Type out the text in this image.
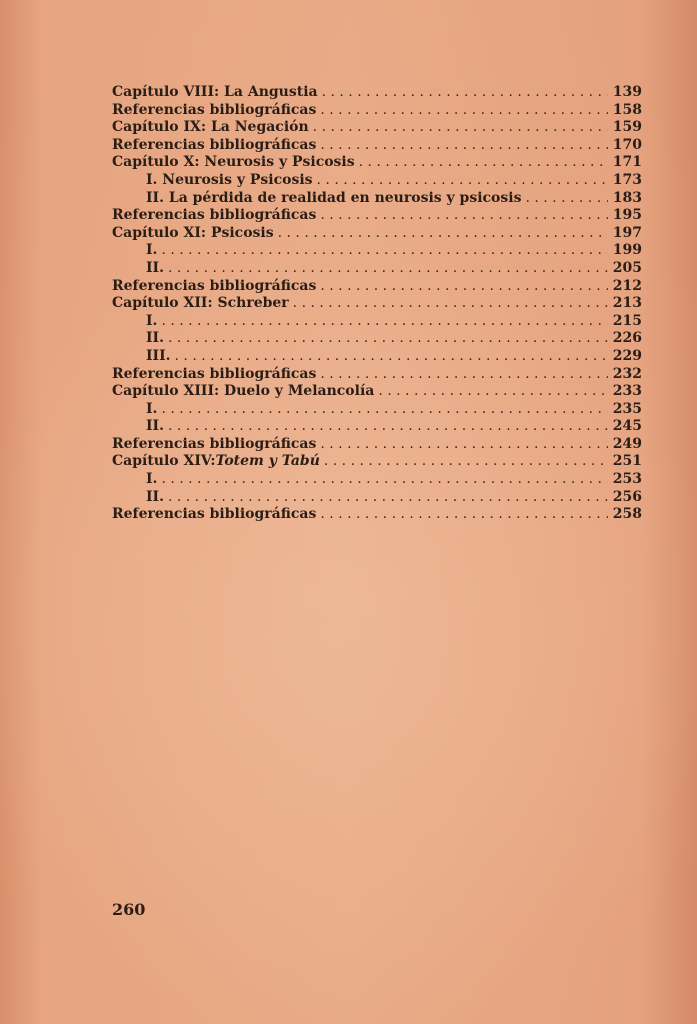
Capítulo VIII: La Angustia . . .	139
Referencias bibliográficas . . .	158
Capítulo IX: La Negación . . .	159
Referencias bibliográficas . . .	170
Capítulo X: Neurosis y Psicosis . . .	171
I. Neurosis y Psicosis . . .	173
II. La pérdida de realidad en neurosis y psicosis . . .	183
Referencias bibliográficas . . .	195
Capítulo XI: Psicosis . . .	197
I. . . .	199
II. . . .	205
Referencias bibliográficas . . .	212
Capítulo XII: Schreber . . .	213
I. . . .	215
II. . . .	226
III. . . .	229
Referencias bibliográficas . . .	232
Capítulo XIII: Duelo y Melancolía . . .	233
I. . . .	235
II. . . .	245
Referencias bibliográficas . . .	249
Capítulo XIV: Totem y Tabú . . .	251
I. . . .	253
II. . . .	256
Referencias bibliográficas . . .	258
260
